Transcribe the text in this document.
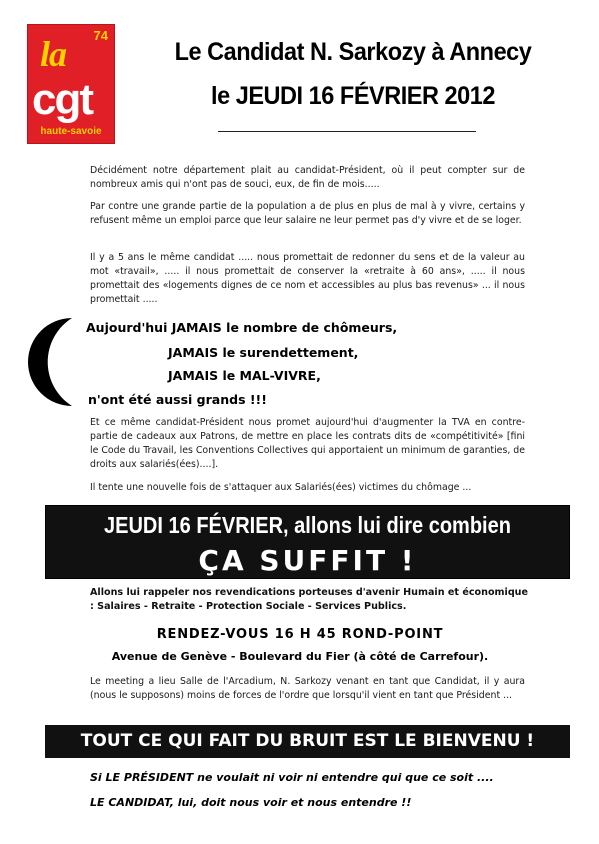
74
la
cgt
haute-savoie
Le Candidat N. Sarkozy à Annecy
le JEUDI 16 FÉVRIER 2012

Décidément notre département plait au candidat-Président, où il peut compter sur de nombreux amis qui n'ont pas de souci, eux, de fin de mois.....

Par contre une grande partie de la population a de plus en plus de mal à y vivre, certains y refusent même un emploi parce que leur salaire ne leur permet pas d'y vivre et de se loger.

Il y a 5 ans le même candidat ..... nous promettait de redonner du sens et de la valeur au mot «travail», ..... il nous promettait de conserver la «retraite à 60 ans», ..... il nous promettait des «logements dignes de ce nom et accessibles au plus bas revenus» ... il nous promettait .....

Aujourd'hui JAMAIS le nombre de chômeurs,
JAMAIS le surendettement,
JAMAIS le MAL-VIVRE,
n'ont été aussi grands !!!

Et ce même candidat-Président nous promet aujourd'hui d'augmenter la TVA en contre-partie de cadeaux aux Patrons, de mettre en place les contrats dits de «compétitivité» [fini le Code du Travail, les Conventions Collectives qui apportaient un minimum de garanties, de droits aux salariés(ées)....].

Il tente une nouvelle fois de s'attaquer aux Salariés(ées) victimes du chômage ...

JEUDI 16 FÉVRIER, allons lui dire combien
ÇA SUFFIT !

Allons lui rappeler nos revendications porteuses d'avenir Humain et économique : Salaires - Retraite - Protection Sociale - Services Publics.

RENDEZ-VOUS 16 H 45 ROND-POINT
Avenue de Genève - Boulevard du Fier (à côté de Carrefour).

Le meeting a lieu Salle de l'Arcadium, N. Sarkozy venant en tant que Candidat, il y aura (nous le supposons) moins de forces de l'ordre que lorsqu'il vient en tant que Président ...

TOUT CE QUI FAIT DU BRUIT EST LE BIENVENU !
Si LE PRÉSIDENT ne voulait ni voir ni entendre qui que ce soit ....
LE CANDIDAT, lui, doit nous voir et nous entendre !!
